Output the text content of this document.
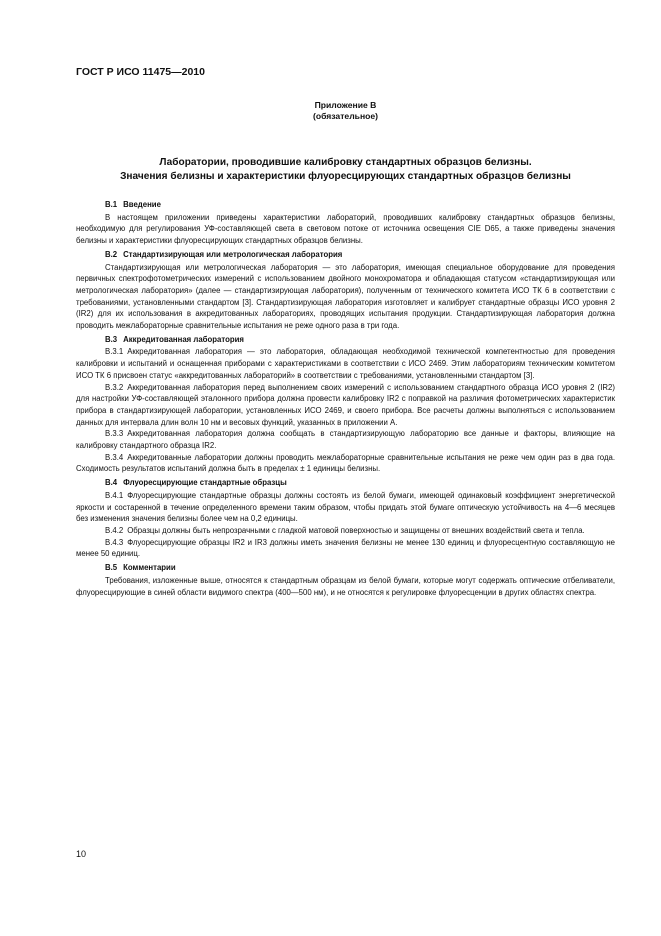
ГОСТ Р ИСО 11475—2010
Приложение В
(обязательное)
Лаборатории, проводившие калибровку стандартных образцов белизны.
Значения белизны и характеристики флуоресцирующих стандартных образцов белизны
В.1 Введение

В настоящем приложении приведены характеристики лабораторий, проводивших калибровку стандартных образцов белизны, необходимую для регулирования УФ-составляющей света в световом потоке от источника освещения CIE D65, а также приведены значения белизны и характеристики флуоресцирующих стандартных образцов белизны.

В.2 Стандартизирующая или метрологическая лаборатория

Стандартизирующая или метрологическая лаборатория — это лаборатория, имеющая специальное оборудование для проведения первичных спектрофотометрических измерений с использованием двойного монохроматора и обладающая статусом «стандартизирующая или метрологическая лаборатория» (далее — стандартизирующая лаборатория), полученным от технического комитета ИСО ТК 6 в соответствии с требованиями, установленными стандартом [3]. Стандартизирующая лаборатория изготовляет и калибрует стандартные образцы ИСО уровня 2 (IR2) для их использования в аккредитованных лабораториях, проводящих испытания продукции. Стандартизирующая лаборатория должна проводить межлабораторные сравнительные испытания не реже одного раза в три года.

В.3 Аккредитованная лаборатория

В.3.1 Аккредитованная лаборатория — это лаборатория, обладающая необходимой технической компетентностью для проведения калибровки и испытаний и оснащенная приборами с характеристиками в соответствии с ИСО 2469. Этим лабораториям техническим комитетом ИСО ТК 6 присвоен статус «аккредитованных лабораторий» в соответствии с требованиями, установленными стандартом [3].

В.3.2 Аккредитованная лаборатория перед выполнением своих измерений с использованием стандартного образца ИСО уровня 2 (IR2) для настройки УФ-составляющей эталонного прибора должна провести калибровку IR2 с поправкой на различия фотометрических характеристик прибора в стандартизирующей лаборатории, установленных ИСО 2469, и своего прибора. Все расчеты должны выполняться с использованием данных для интервала длин волн 10 нм и весовых функций, указанных в приложении А.

В.3.3 Аккредитованная лаборатория должна сообщать в стандартизирующую лабораторию все данные и факторы, влияющие на калибровку стандартного образца IR2.

В.3.4 Аккредитованные лаборатории должны проводить межлабораторные сравнительные испытания не реже чем один раз в два года. Сходимость результатов испытаний должна быть в пределах ± 1 единицы белизны.

В.4 Флуоресцирующие стандартные образцы

В.4.1 Флуоресцирующие стандартные образцы должны состоять из белой бумаги, имеющей одинаковый коэффициент энергетической яркости и состаренной в течение определенного времени таким образом, чтобы придать этой бумаге оптическую устойчивость на 4—6 месяцев без изменения значения белизны более чем на 0,2 единицы.

В.4.2 Образцы должны быть непрозрачными с гладкой матовой поверхностью и защищены от внешних воздействий света и тепла.

В.4.3 Флуоресцирующие образцы IR2 и IR3 должны иметь значения белизны не менее 130 единиц и флуоресцентную составляющую не менее 50 единиц.

В.5 Комментарии

Требования, изложенные выше, относятся к стандартным образцам из белой бумаги, которые могут содержать оптические отбеливатели, флуоресцирующие в синей области видимого спектра (400—500 нм), и не относятся к регулировке флуоресценции в других областях спектра.

10
